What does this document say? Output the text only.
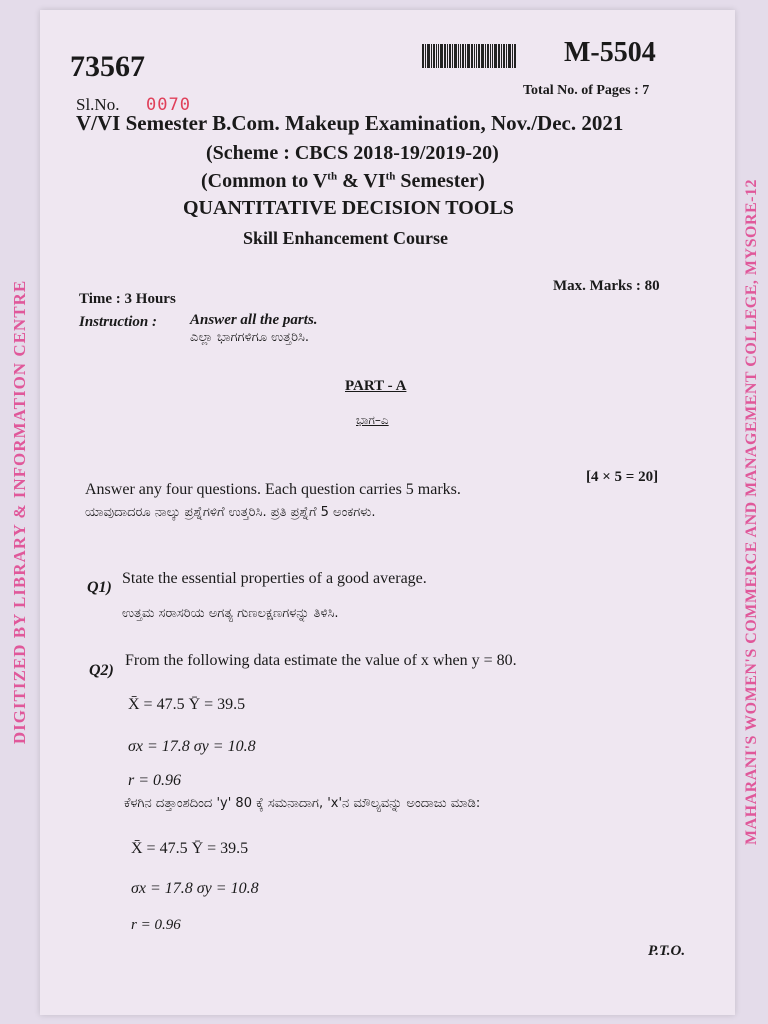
DIGITIZED BY LIBRARY & INFORMATION CENTRE	MAHARANI'S WOMEN'S COMMERCE AND MANAGEMENT COLLEGE, MYSORE-12
73567	M-5504
Sl.No. 0070
Total No. of Pages : 7
V/VI Semester B.Com. Makeup Examination, Nov./Dec. 2021
(Scheme : CBCS 2018-19/2019-20)
(Common to Vth & VIth Semester)
QUANTITATIVE DECISION TOOLS
Skill Enhancement Course
Time : 3 Hours
Max. Marks : 80
Instruction : Answer all the parts.
ಎಲ್ಲಾ ಭಾಗಗಳಿಗೂ ಉತ್ತರಿಸಿ.
PART - A
ಭಾಗ–ಎ
Answer any four questions. Each question carries 5 marks.
[4 × 5 = 20]
ಯಾವುದಾದರೂ ನಾಲ್ಕು ಪ್ರಶ್ನೆಗಳಿಗೆ ಉತ್ತರಿಸಿ. ಪ್ರತಿ ಪ್ರಶ್ನೆಗೆ 5 ಅಂಕಗಳು.
Q1)
State the essential properties of a good average.
ಉತ್ತಮ ಸರಾಸರಿಯ ಅಗತ್ಯ ಗುಣಲಕ್ಷಣಗಳನ್ನು ತಿಳಿಸಿ.
Q2)
From the following data estimate the value of x when y = 80.
X̄ = 47.5 Ȳ = 39.5
σx = 17.8 σy = 10.8
r = 0.96
ಕೆಳಗಿನ ದತ್ತಾಂಶದಿಂದ 'y' 80 ಕ್ಕೆ ಸಮನಾದಾಗ, 'x'ನ ಮೌಲ್ಯವನ್ನು ಅಂದಾಜು ಮಾಡಿ:
X̄ = 47.5 Ȳ = 39.5
σx = 17.8 σy = 10.8
r = 0.96
P.T.O.
